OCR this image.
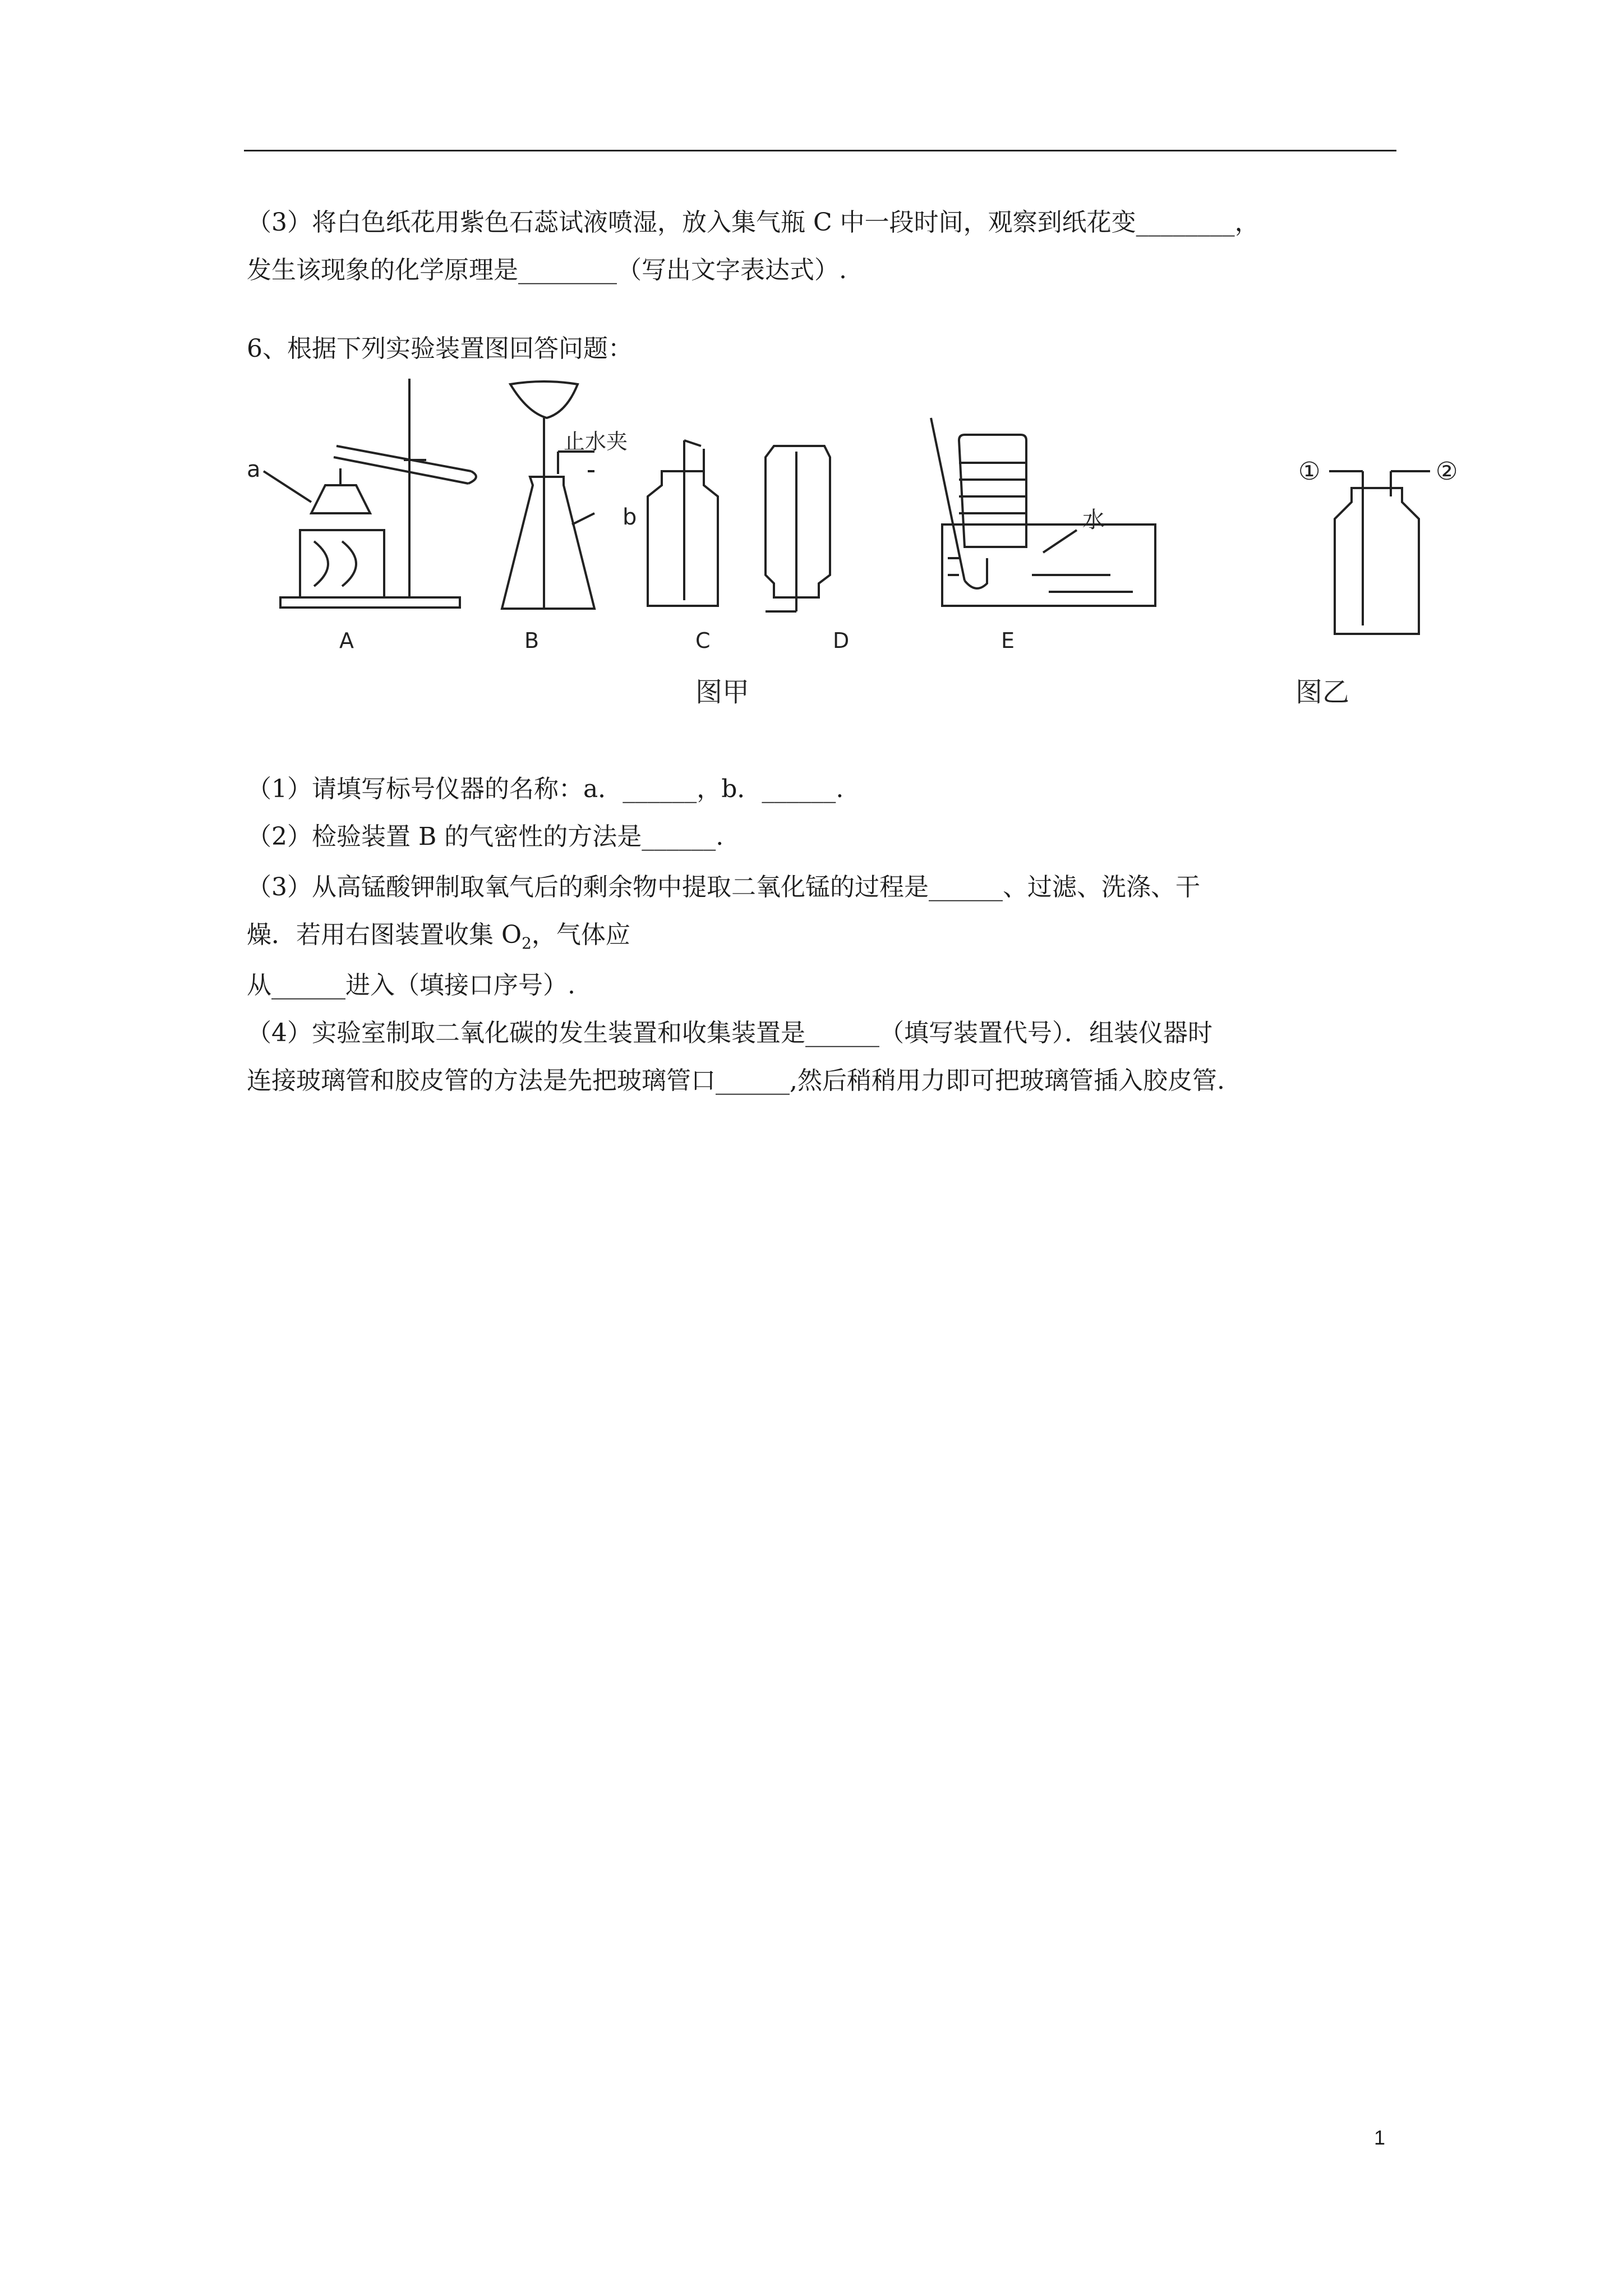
（3）将白色纸花用紫色石蕊试液喷湿，放入集气瓶 C 中一段时间，观察到纸花变________，
发生该现象的化学原理是________（写出文字表达式）.
6、根据下列实验装置图回答问题：
a
b
止水夹
水
①	②
A	B	C	D	E
图甲	图乙
（1）请填写标号仪器的名称：a．______，b．______.
（2）检验装置 B 的气密性的方法是______.
（3）从高锰酸钾制取氧气后的剩余物中提取二氧化锰的过程是______、过滤、洗涤、干
燥．若用右图装置收集 $O_2$，气体应
从______进入（填接口序号）.
（4）实验室制取二氧化碳的发生装置和收集装置是______（填写装置代号）．组装仪器时
连接玻璃管和胶皮管的方法是先把玻璃管口______,然后稍稍用力即可把玻璃管插入胶皮管.
1
